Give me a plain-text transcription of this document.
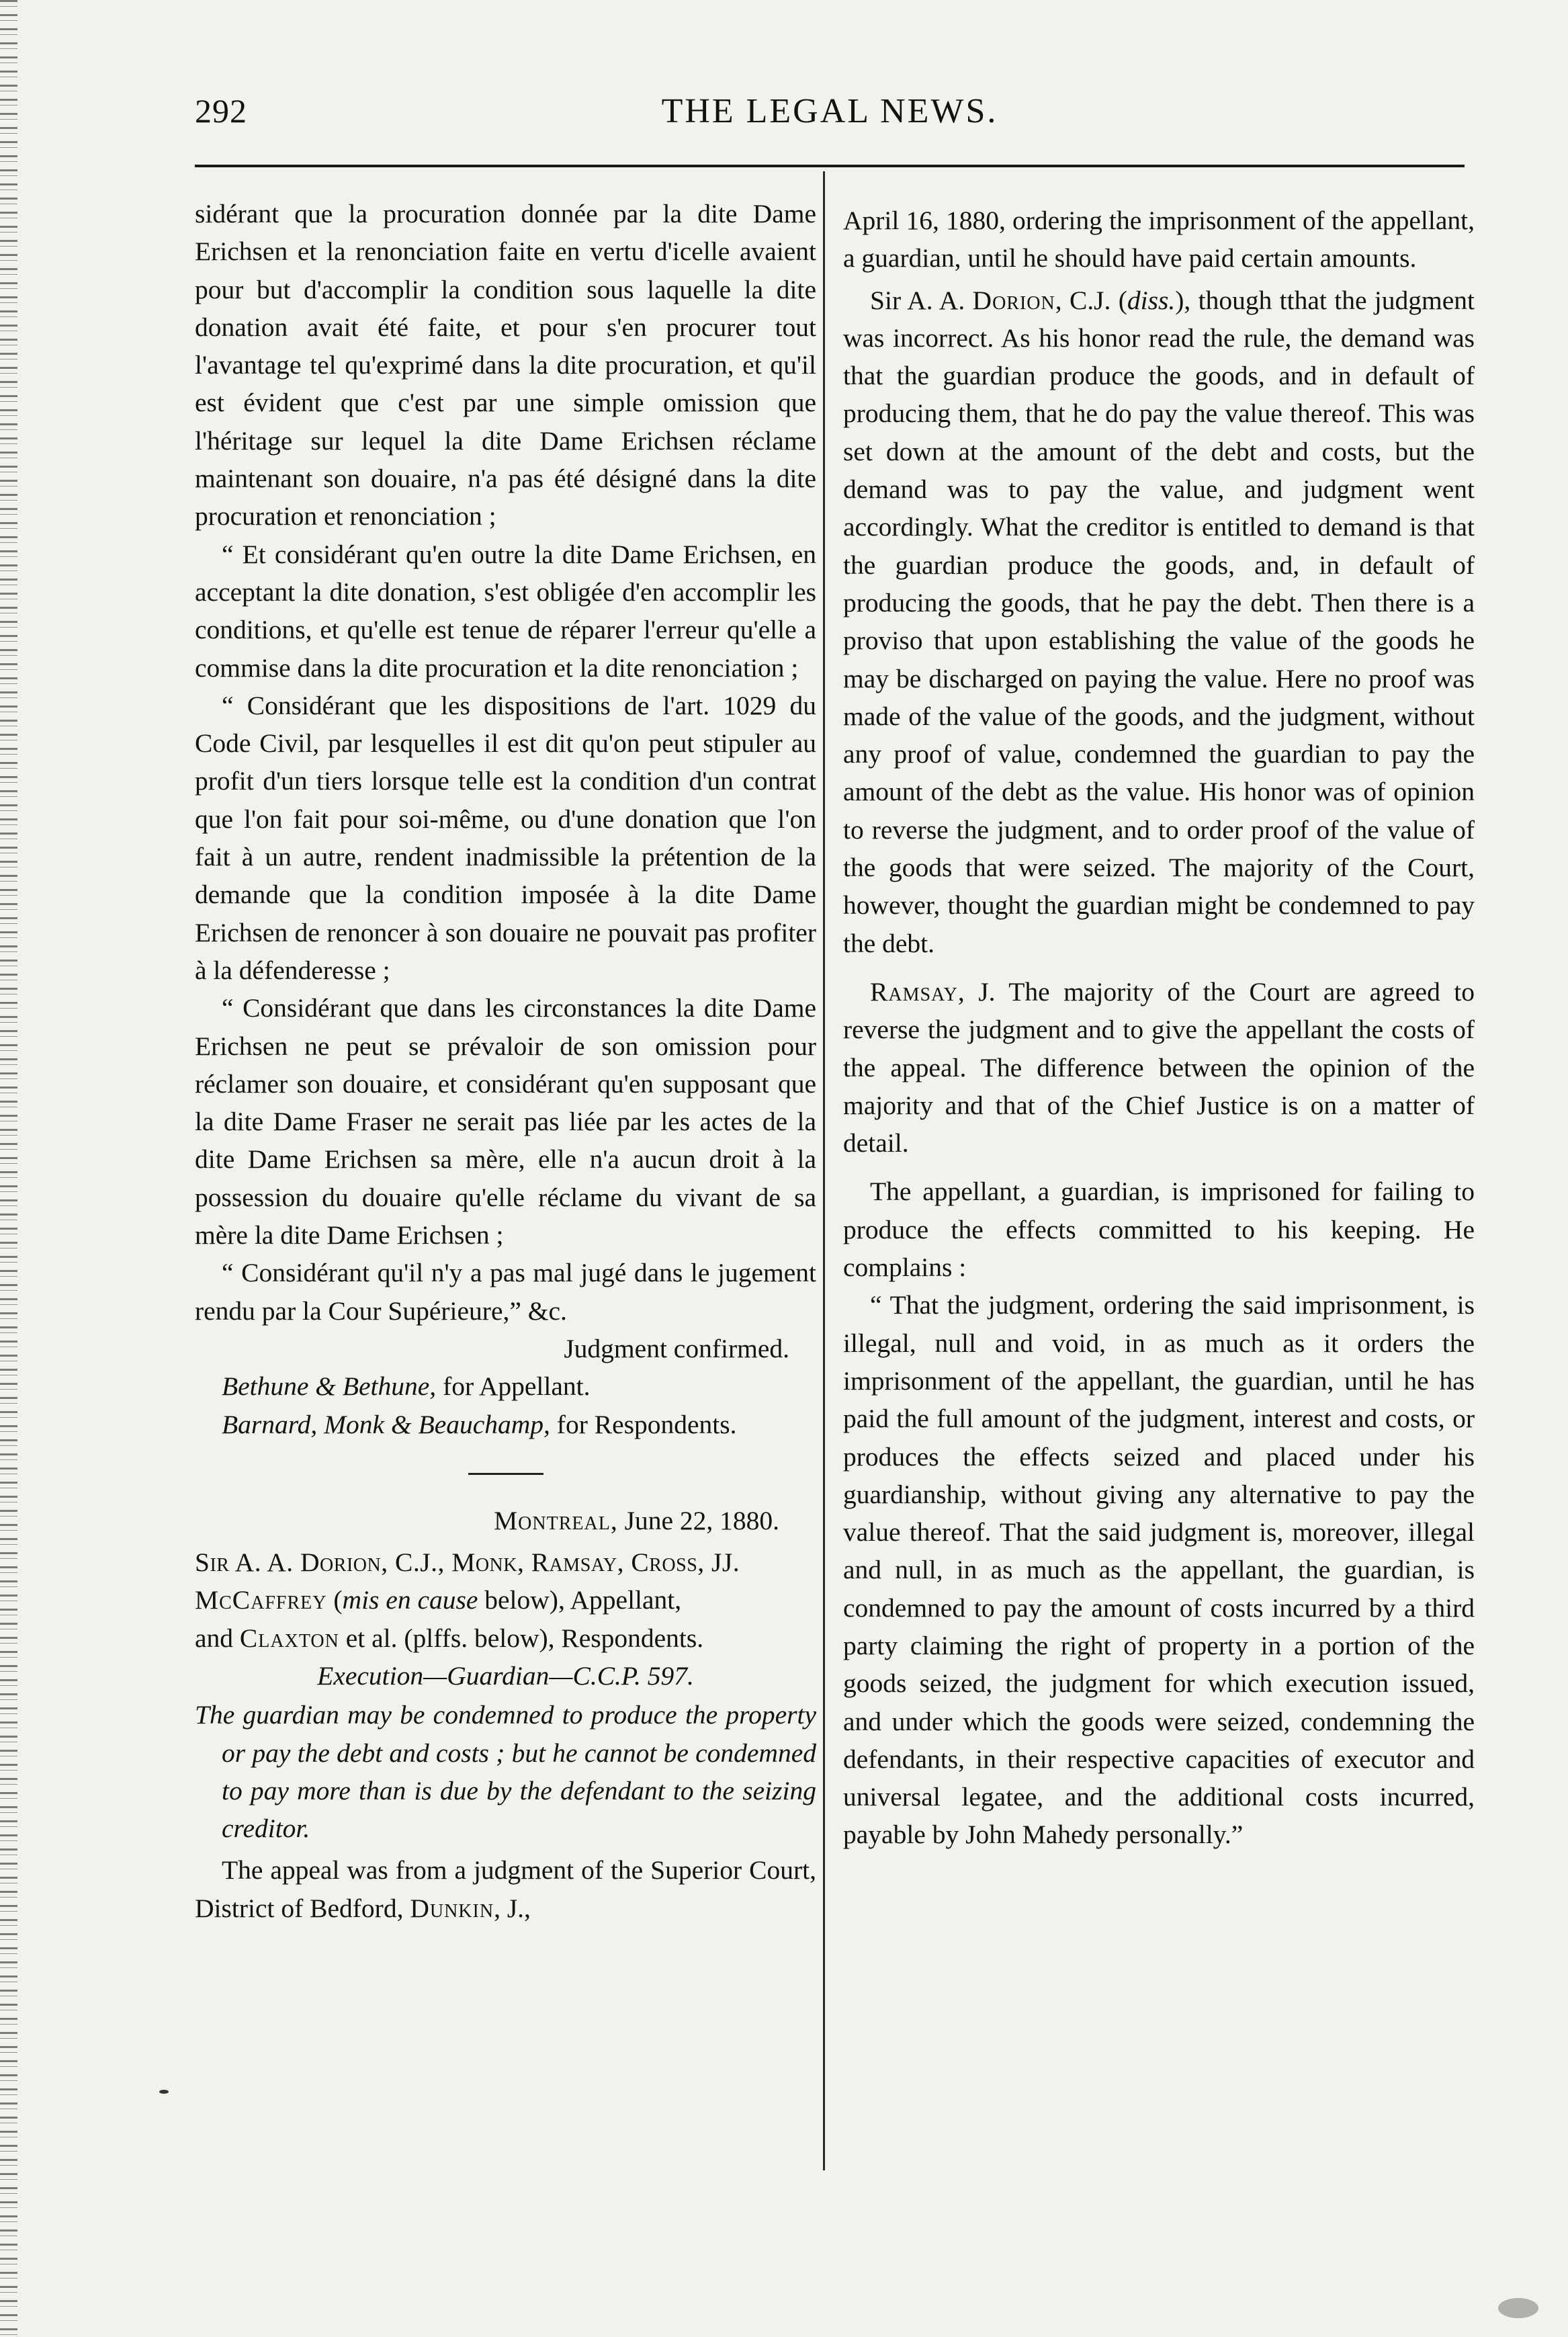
292	THE LEGAL NEWS.

sidérant que la procuration donnée par la dite Dame Erichsen et la renonciation faite en vertu d'icelle avaient pour but d'accomplir la condition sous laquelle la dite donation avait été faite, et pour s'en procurer tout l'avantage tel qu'exprimé dans la dite procuration, et qu'il est évident que c'est par une simple omission que l'héritage sur lequel la dite Dame Erichsen réclame maintenant son douaire, n'a pas été désigné dans la dite procuration et renonciation ;

“ Et considérant qu'en outre la dite Dame Erichsen, en acceptant la dite donation, s'est obligée d'en accomplir les conditions, et qu'elle est tenue de réparer l'erreur qu'elle a commise dans la dite procuration et la dite renonciation ;

“ Considérant que les dispositions de l'art. 1029 du Code Civil, par lesquelles il est dit qu'on peut stipuler au profit d'un tiers lorsque telle est la condition d'un contrat que l'on fait pour soi-même, ou d'une donation que l'on fait à un autre, rendent inadmissible la prétention de la demande que la condition imposée à la dite Dame Erichsen de renoncer à son douaire ne pouvait pas profiter à la défenderesse ;

“ Considérant que dans les circonstances la dite Dame Erichsen ne peut se prévaloir de son omission pour réclamer son douaire, et considérant qu'en supposant que la dite Dame Fraser ne serait pas liée par les actes de la dite Dame Erichsen sa mère, elle n'a aucun droit à la possession du douaire qu'elle réclame du vivant de sa mère la dite Dame Erichsen ;

“ Considérant qu'il n'y a pas mal jugé dans le jugement rendu par la Cour Supérieure,” &c.

Judgment confirmed.

Bethune & Bethune, for Appellant.

Barnard, Monk & Beauchamp, for Respondents.

Montreal, June 22, 1880.

Sir A. A. Dorion, C.J., Monk, Ramsay, Cross, JJ.

McCaffrey (mis en cause below), Appellant,

and Claxton et al. (plffs. below), Respondents.

Execution—Guardian—C.C.P. 597.

The guardian may be condemned to produce the property or pay the debt and costs ; but he cannot be condemned to pay more than is due by the defendant to the seizing creditor.

The appeal was from a judgment of the Superior Court, District of Bedford, Dunkin, J.,

April 16, 1880, ordering the imprisonment of the appellant, a guardian, until he should have paid certain amounts.

Sir A. A. Dorion, C.J. (diss.), though tthat the judgment was incorrect. As his honor read the rule, the demand was that the guardian produce the goods, and in default of producing them, that he do pay the value thereof. This was set down at the amount of the debt and costs, but the demand was to pay the value, and judgment went accordingly. What the creditor is entitled to demand is that the guardian produce the goods, and, in default of producing the goods, that he pay the debt. Then there is a proviso that upon establishing the value of the goods he may be discharged on paying the value. Here no proof was made of the value of the goods, and the judgment, without any proof of value, condemned the guardian to pay the amount of the debt as the value. His honor was of opinion to reverse the judgment, and to order proof of the value of the goods that were seized. The majority of the Court, however, thought the guardian might be condemned to pay the debt.

Ramsay, J. The majority of the Court are agreed to reverse the judgment and to give the appellant the costs of the appeal. The difference between the opinion of the majority and that of the Chief Justice is on a matter of detail.

The appellant, a guardian, is imprisoned for failing to produce the effects committed to his keeping. He complains :

“ That the judgment, ordering the said imprisonment, is illegal, null and void, in as much as it orders the imprisonment of the appellant, the guardian, until he has paid the full amount of the judgment, interest and costs, or produces the effects seized and placed under his guardianship, without giving any alternative to pay the value thereof. That the said judgment is, moreover, illegal and null, in as much as the appellant, the guardian, is condemned to pay the amount of costs incurred by a third party claiming the right of property in a portion of the goods seized, the judgment for which execution issued, and under which the goods were seized, condemning the defendants, in their respective capacities of executor and universal legatee, and the additional costs incurred, payable by John Mahedy personally.”
